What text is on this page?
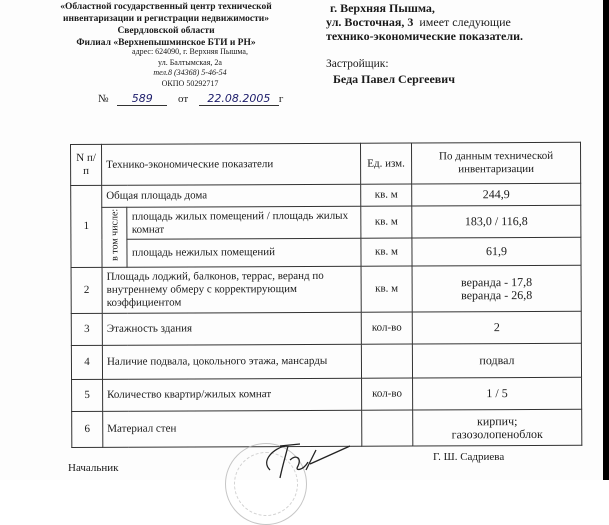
«Областной государственный центр технической
инвентаризации и регистрации недвижимости»
Свердловской области
Филиал «Верхнепышминское БТИ и РН»
адрес: 624090, г. Верхняя Пышма,
ул. Балтымская, 2а
тел.8 (34368) 5-46-54
ОКПО 50292717
№ 589 от 22.08.2005 г
г. Верхняя Пышма,
ул. Восточная, 3 имеет следующие
технико-экономические показатели.
Застройщик:
Беда Павел Сергеевич
N п/п	Технико-экономические показатели		Ед. изм.	По данным технической инвентаризации
1	Общая площадь дома		кв. м	244,9
	в том числе:	площадь жилых помещений / площадь жилых комнат	кв. м	183,0 / 116,8
		площадь нежилых помещений	кв. м	61,9
2	Площадь лоджий, балконов, террас, веранд по внутреннему обмеру с корректирующим коэффициентом		кв. м	веранда - 17,8
веранда - 26,8

3	Этажность здания		кол-во	2
4	Наличие подвала, цокольного этажа, мансарды			подвал
5	Количество квартир/жилых комнат		кол-во	1 / 5
6	Материал стен			кирпич;
газозолопеноблок
Начальник
Г. Ш. Садриева
